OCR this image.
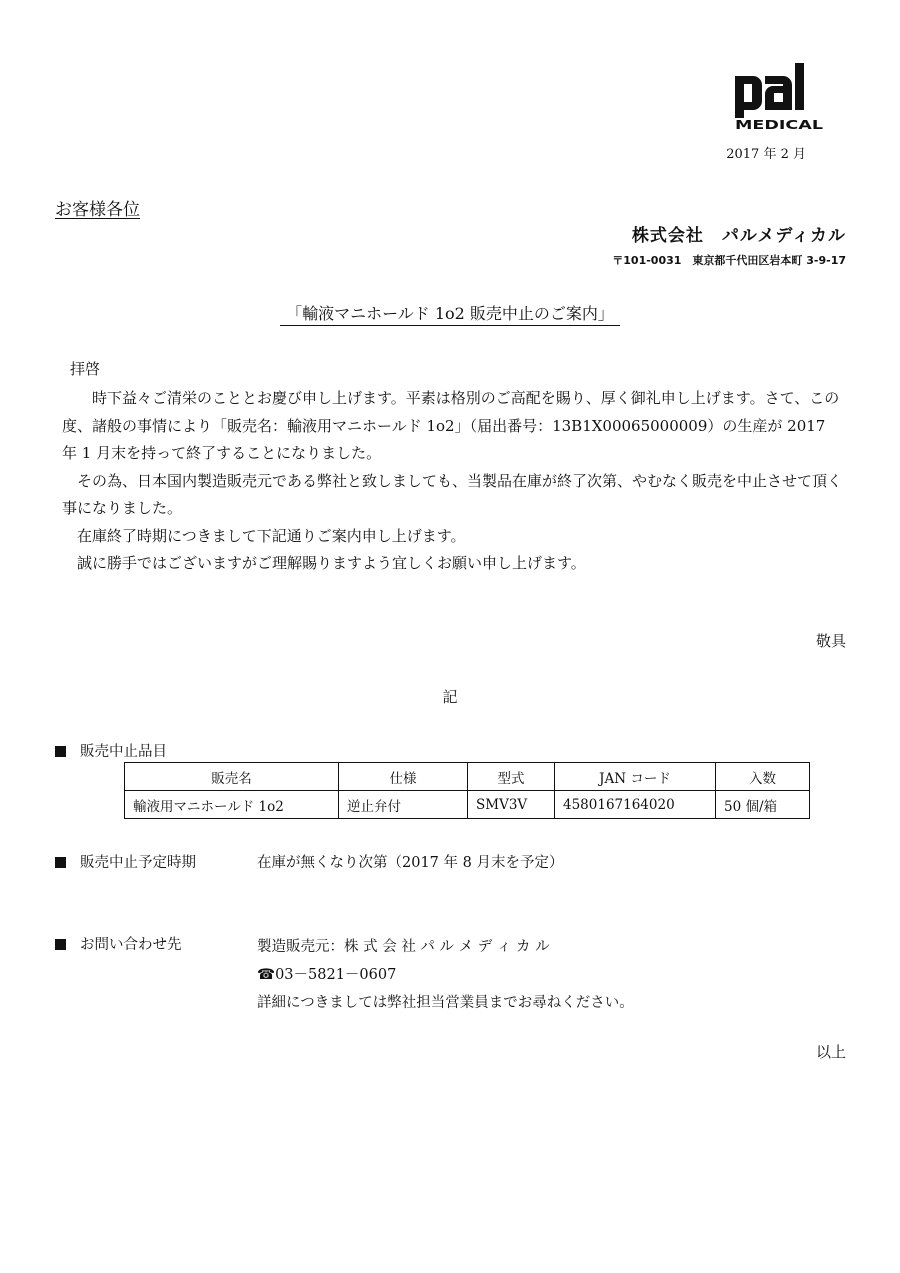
MEDICAL
2017 年 2 月
お客様各位
株式会社　パルメディカル
〒101-0031　東京都千代田区岩本町 3-9-17
「輸液マニホールド 1o2 販売中止のご案内」
拝啓

　　時下益々ご清栄のこととお慶び申し上げます。平素は格別のご高配を賜り、厚く御礼申し上げます。さて、この度、諸般の事情により「販売名：輸液用マニホールド 1o2」（届出番号：13B1X00065000009）の生産が 2017 年 1 月末を持って終了することになりました。

　その為、日本国内製造販売元である弊社と致しましても、当製品在庫が終了次第、やむなく販売を中止させて頂く事になりました。

　在庫終了時期につきまして下記通りご案内申し上げます。

　誠に勝手ではございますがご理解賜りますよう宜しくお願い申し上げます。

敬具
記
販売中止品目
販売名	仕様	型式	JAN コード	入数
輸液用マニホールド 1o2	逆止弁付	SMV3V	4580167164020	50 個/箱
販売中止予定時期	在庫が無くなり次第（2017 年 8 月末を予定）
お問い合わせ先	製造販売元：株 式 会 社 パ ル メ デ ィ カ ル
☎03－5821－0607
詳細につきましては弊社担当営業員までお尋ねください。
以上
